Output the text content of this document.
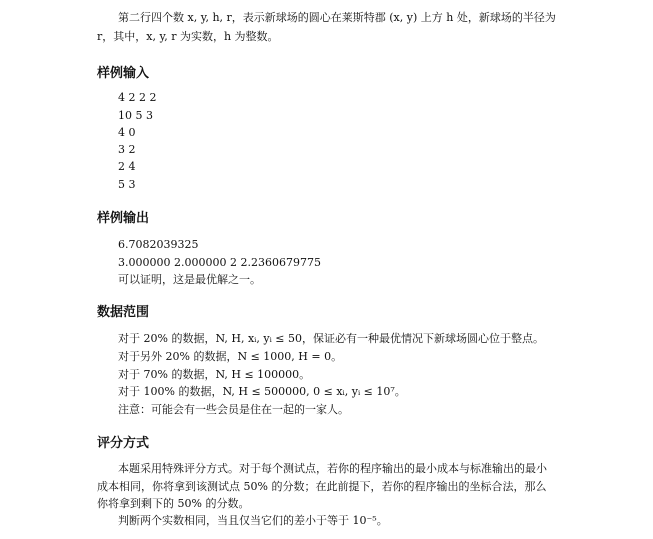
第二行四个数 x, y, h, r，表示新球场的圆心在莱斯特郡 (x, y) 上方 h 处，新球场的半径为
r，其中，x, y, r 为实数，h 为整数。
样例输入
4 2 2 2
10 5 3
4 0
3 2
2 4
5 3
样例输出
6.7082039325
3.000000 2.000000 2 2.2360679775
可以证明，这是最优解之一。
数据范围
对于 20% 的数据，N, H, xᵢ, yᵢ ≤ 50，保证必有一种最优情况下新球场圆心位于整点。
对于另外 20% 的数据，N ≤ 1000, H = 0。
对于 70% 的数据，N, H ≤ 100000。
对于 100% 的数据，N, H ≤ 500000, 0 ≤ xᵢ, yᵢ ≤ 10⁷。
注意：可能会有一些会员是住在一起的一家人。
评分方式
本题采用特殊评分方式。对于每个测试点，若你的程序输出的最小成本与标准输出的最小
成本相同，你将拿到该测试点 50% 的分数；在此前提下，若你的程序输出的坐标合法，那么
你将拿到剩下的 50% 的分数。
判断两个实数相同，当且仅当它们的差小于等于 10⁻⁵。
